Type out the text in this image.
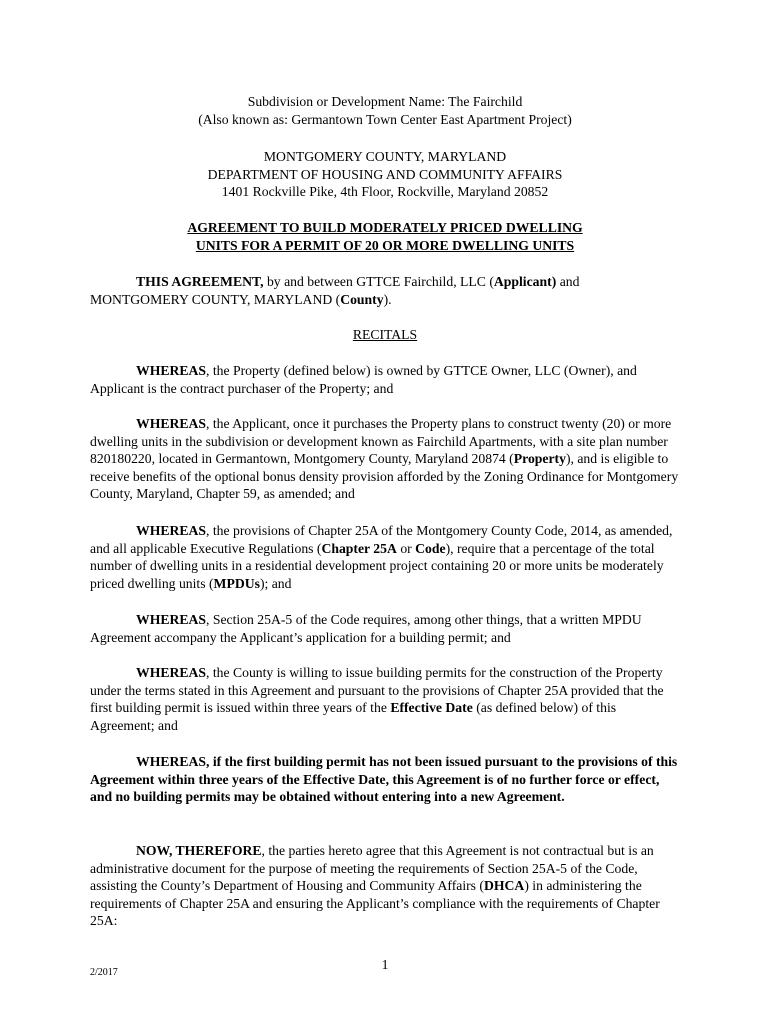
Subdivision or Development Name: The Fairchild

(Also known as: Germantown Town Center East Apartment Project)

MONTGOMERY COUNTY, MARYLAND

DEPARTMENT OF HOUSING AND COMMUNITY AFFAIRS

1401 Rockville Pike, 4th Floor, Rockville, Maryland 20852

AGREEMENT TO BUILD MODERATELY PRICED DWELLING

UNITS FOR A PERMIT OF 20 OR MORE DWELLING UNITS

THIS AGREEMENT, by and between GTTCE Fairchild, LLC (Applicant) and MONTGOMERY COUNTY, MARYLAND (County).

RECITALS

WHEREAS, the Property (defined below) is owned by GTTCE Owner, LLC (Owner), and Applicant is the contract purchaser of the Property; and

WHEREAS, the Applicant, once it purchases the Property plans to construct twenty (20) or more dwelling units in the subdivision or development known as Fairchild Apartments, with a site plan number 820180220, located in Germantown, Montgomery County, Maryland 20874 (Property), and is eligible to receive benefits of the optional bonus density provision afforded by the Zoning Ordinance for Montgomery County, Maryland, Chapter 59, as amended; and

WHEREAS, the provisions of Chapter 25A of the Montgomery County Code, 2014, as amended, and all applicable Executive Regulations (Chapter 25A or Code), require that a percentage of the total number of dwelling units in a residential development project containing 20 or more units be moderately priced dwelling units (MPDUs); and

WHEREAS, Section 25A-5 of the Code requires, among other things, that a written MPDU Agreement accompany the Applicant’s application for a building permit; and

WHEREAS, the County is willing to issue building permits for the construction of the Property under the terms stated in this Agreement and pursuant to the provisions of Chapter 25A provided that the first building permit is issued within three years of the Effective Date (as defined below) of this Agreement; and

WHEREAS, if the first building permit has not been issued pursuant to the provisions of this Agreement within three years of the Effective Date, this Agreement is of no further force or effect, and no building permits may be obtained without entering into a new Agreement.

NOW, THEREFORE, the parties hereto agree that this Agreement is not contractual but is an administrative document for the purpose of meeting the requirements of Section 25A-5 of the Code, assisting the County’s Department of Housing and Community Affairs (DHCA) in administering the requirements of Chapter 25A and ensuring the Applicant’s compliance with the requirements of Chapter 25A:

2/2017
1
